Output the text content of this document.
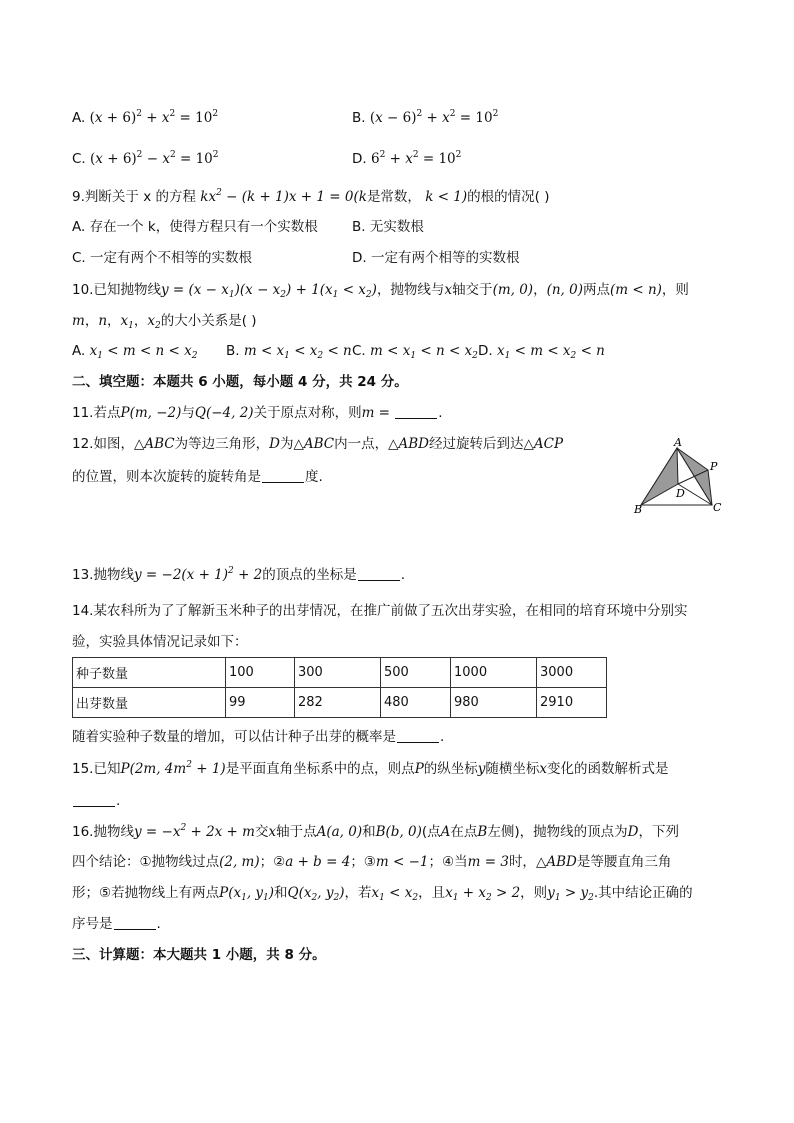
A. $(x + 6)^2 + x^2 = 10^2$	B. $(x - 6)^2 + x^2 = 10^2$
C. $(x + 6)^2 - x^2 = 10^2$	D. $6^2 + x^2 = 10^2$
9.判断关于 x 的方程 $kx^2 - (k + 1)x + 1 = 0(k$是常数， k < 1)的根的情况( )
A. 存在一个 k，使得方程只有一个实数根	B. 无实数根
C. 一定有两个不相等的实数根	D. 一定有两个相等的实数根
10.已知抛物线$y = (x - x_1)(x - x_2) + 1(x_1 < x_2)$，抛物线与x轴交于(m, 0)，(n, 0)两点(m < n)，则
m，n，$x_1$，$x_2$的大小关系是( )
A. $x_1 < m < n < x_2$ B. $m < x_1 < x_2 < n$ C. $m < x_1 < n < x_2$ D. $x_1 < m < x_2 < n$
二、填空题：本题共 6 小题，每小题 4 分，共 24 分。
11.若点P(m, −2)与Q(−4, 2)关于原点对称，则m =	.
12.如图，△ABC为等边三角形，D为△ABC内一点，△ABD经过旋转后到达△ACP
的位置，则本次旋转的旋转角是	度.
A
B	C
D
P
13.抛物线$y = -2(x + 1)^2 + 2$的顶点的坐标是	.
14.某农科所为了了解新玉米种子的出芽情况，在推广前做了五次出芽实验，在相同的培育环境中分别实
验，实验具体情况记录如下：
种子数量	100	300	500	1000	3000
出芽数量	99	282	480	980	2910
随着实验种子数量的增加，可以估计种子出芽的概率是	.
15.已知P(2m, $4m^2 + 1$)是平面直角坐标系中的点，则点P的纵坐标y随横坐标x变化的函数解析式是
.
16.抛物线$y = -x^2 + 2x + m$交x轴于点A(a, 0)和B(b, 0)(点A在点B左侧)，抛物线的顶点为D，下列
四个结论：①抛物线过点(2, m)；②a + b = 4；③m < −1；④当m = 3时，△ABD是等腰直角三角
形；⑤若抛物线上有两点$P(x_1$, $y_1$)和$Q(x_2$, $y_2$)，若$x_1 < x_2$，且$x_1 + x_2 > 2$，则$y_1 > y_2$.其中结论正确的
序号是	.
三、计算题：本大题共 1 小题，共 8 分。
